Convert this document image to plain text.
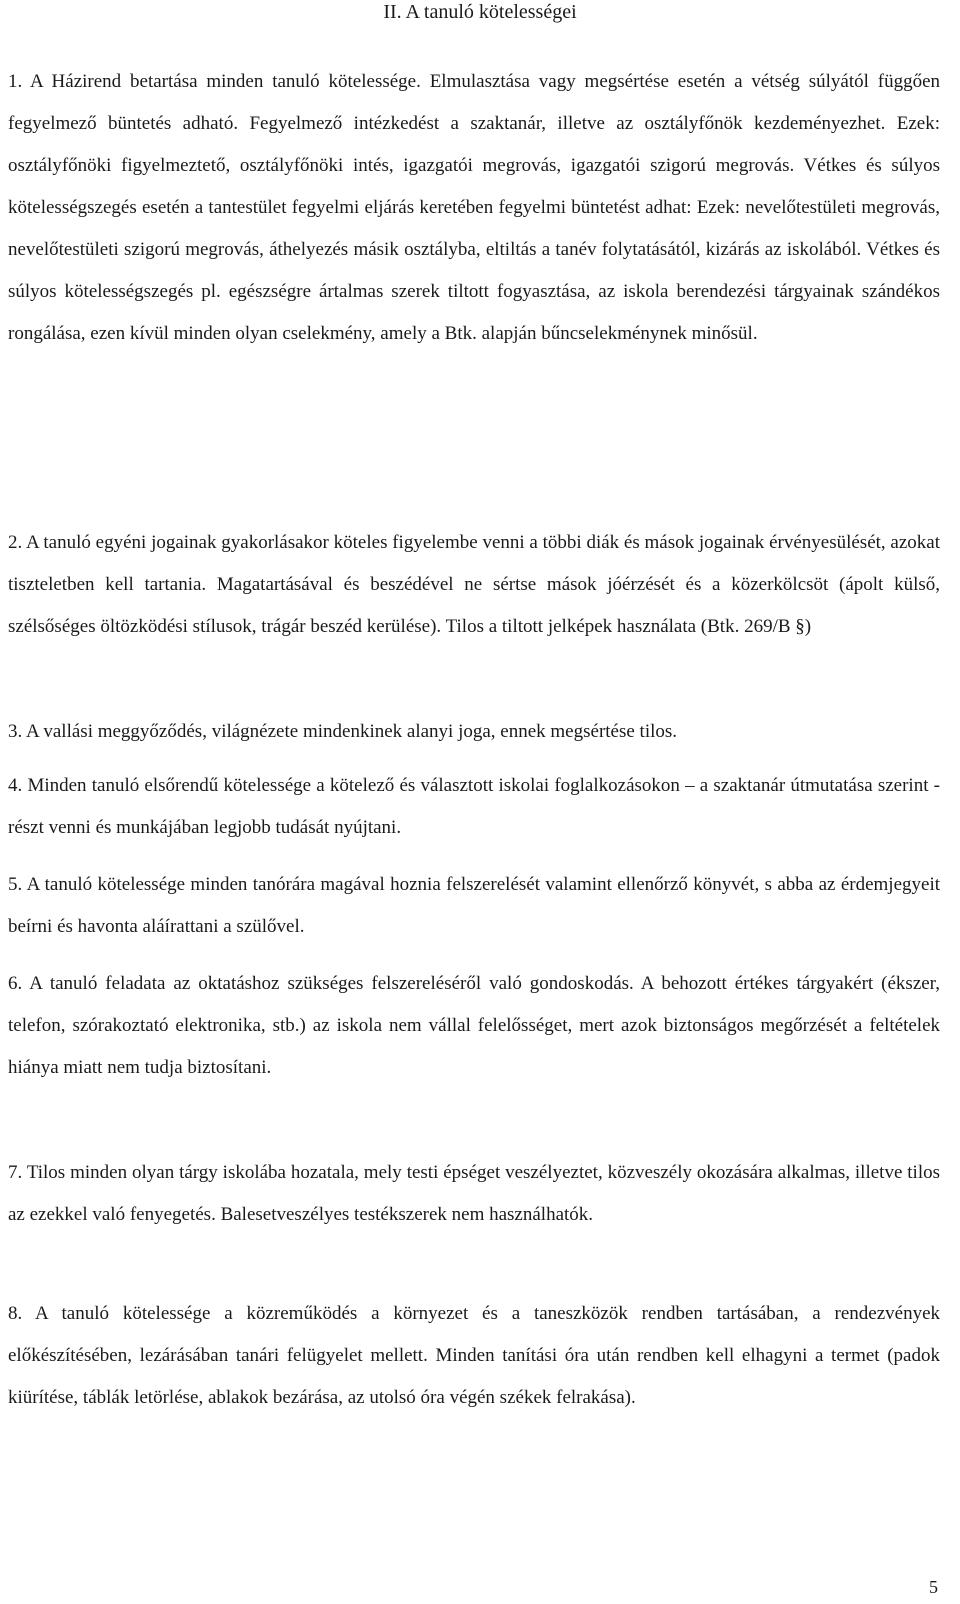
II. A tanuló kötelességei

1. A Házirend betartása minden tanuló kötelessége. Elmulasztása vagy megsértése esetén a vétség súlyától függően fegyelmező büntetés adható. Fegyelmező intézkedést a szaktanár, illetve az osztályfőnök kezdeményezhet. Ezek: osztályfőnöki figyelmeztető, osztályfőnöki intés, igazgatói megrovás, igazgatói szigorú megrovás. Vétkes és súlyos kötelességszegés esetén a tantestület fegyelmi eljárás keretében fegyelmi büntetést adhat: Ezek: nevelőtestületi megrovás, nevelőtestületi szigorú megrovás, áthelyezés másik osztályba, eltiltás a tanév folytatásától, kizárás az iskolából. Vétkes és súlyos kötelességszegés pl. egészségre ártalmas szerek tiltott fogyasztása, az iskola berendezési tárgyainak szándékos rongálása, ezen kívül minden olyan cselekmény, amely a Btk. alapján bűncselekménynek minősül.

2. A tanuló egyéni jogainak gyakorlásakor köteles figyelembe venni a többi diák és mások jogainak érvényesülését, azokat tiszteletben kell tartania. Magatartásával és beszédével ne sértse mások jóérzését és a közerkölcsöt (ápolt külső, szélsőséges öltözködési stílusok, trágár beszéd kerülése). Tilos a tiltott jelképek használata (Btk. 269/B §)

3. A vallási meggyőződés, világnézete mindenkinek alanyi joga, ennek megsértése tilos.

4. Minden tanuló elsőrendű kötelessége a kötelező és választott iskolai foglalkozásokon – a szaktanár útmutatása szerint - részt venni és munkájában legjobb tudását nyújtani.

5. A tanuló kötelessége minden tanórára magával hoznia felszerelését valamint ellenőrző könyvét, s abba az érdemjegyeit beírni és havonta aláírattani a szülővel.

6. A tanuló feladata az oktatáshoz szükséges felszereléséről való gondoskodás. A behozott értékes tárgyakért (ékszer, telefon, szórakoztató elektronika, stb.) az iskola nem vállal felelősséget, mert azok biztonságos megőrzését a feltételek hiánya miatt nem tudja biztosítani.

7. Tilos minden olyan tárgy iskolába hozatala, mely testi épséget veszélyeztet, közveszély okozására alkalmas, illetve tilos az ezekkel való fenyegetés. Balesetveszélyes testékszerek nem használhatók.

8. A tanuló kötelessége a közreműködés a környezet és a taneszközök rendben tartásában, a rendezvények előkészítésében, lezárásában tanári felügyelet mellett. Minden tanítási óra után rendben kell elhagyni a termet (padok kiürítése, táblák letörlése, ablakok bezárása, az utolsó óra végén székek felrakása).

5
